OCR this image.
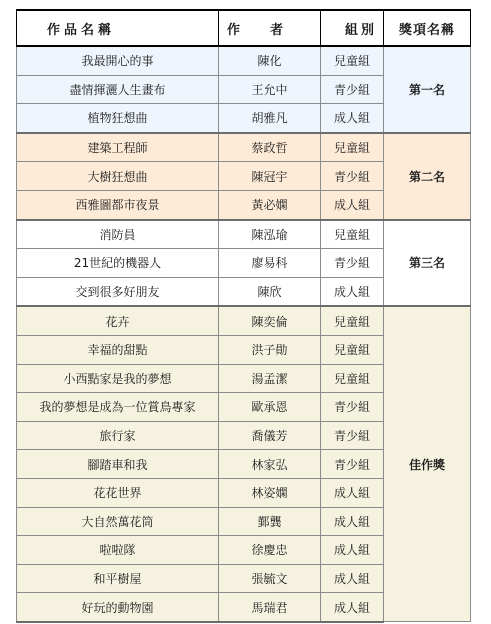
作品名稱	作 者	組別	獎項名稱
我最開心的事	陳化	兒童組	第一名
盡情揮灑人生畫布	王允中	青少組	
植物狂想曲	胡雅凡	成人組	
建築工程師	蔡政哲	兒童組	第二名
大樹狂想曲	陳冠宇	青少組	
西雅圖都市夜景	黃必嫻	成人組	
消防員	陳泓瑜	兒童組	第三名
21世紀的機器人	廖易科	青少組	
交到很多好朋友	陳欣	成人組	
花卉	陳奕倫	兒童組	佳作獎
幸福的甜點	洪子勛	兒童組	
小西點家是我的夢想	湯孟潔	兒童組	
我的夢想是成為一位賞鳥專家	歐承恩	青少組	
旅行家	喬儀芳	青少組	
腳踏車和我	林家弘	青少組	
花花世界	林姿嫻	成人組	
大自然萬花筒	鄞龔	成人組	
啦啦隊	徐慶忠	成人組	
和平樹屋	張毓文	成人組	
好玩的動物園	馬瑞君	成人組	
